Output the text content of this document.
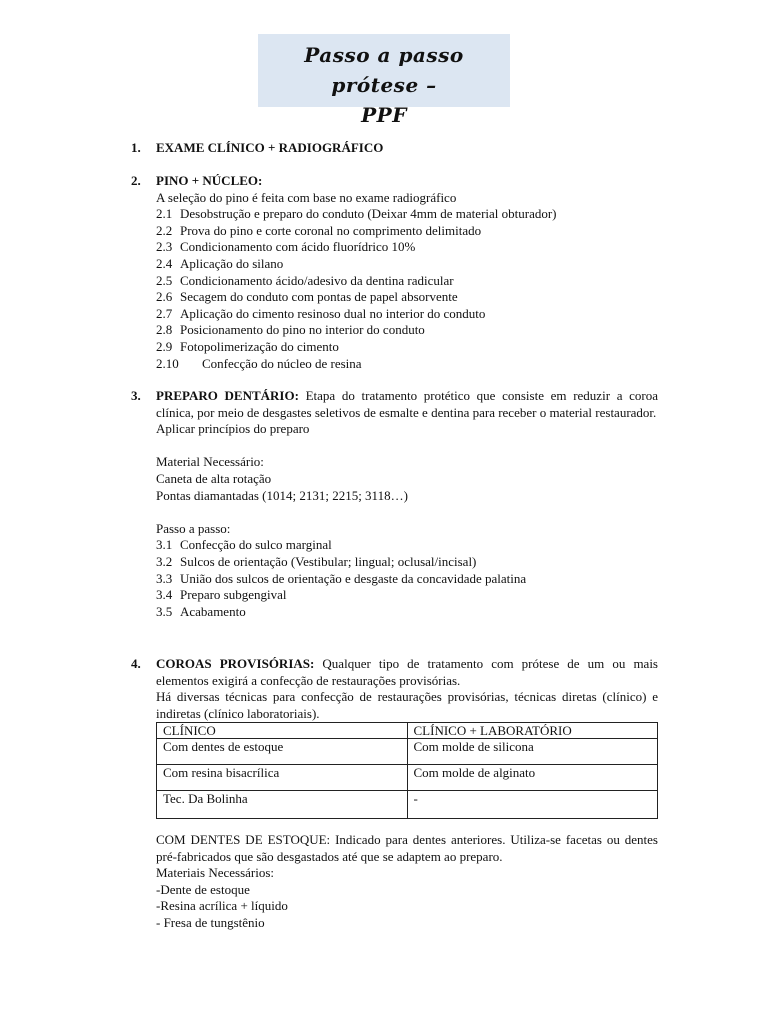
Passo a passo prótese –
PPF
1. EXAME CLÍNICO + RADIOGRÁFICO
2. PINO + NÚCLEO:
A seleção do pino é feita com base no exame radiográfico
2.1 Desobstrução e preparo do conduto (Deixar 4mm de material obturador)
2.2 Prova do pino e corte coronal no comprimento delimitado
2.3 Condicionamento com ácido fluorídrico 10%
2.4 Aplicação do silano
2.5 Condicionamento ácido/adesivo da dentina radicular
2.6 Secagem do conduto com pontas de papel absorvente
2.7 Aplicação do cimento resinoso dual no interior do conduto
2.8 Posicionamento do pino no interior do conduto
2.9 Fotopolimerização do cimento
2.10	Confecção do núcleo de resina
3. PREPARO DENTÁRIO: Etapa do tratamento protético que consiste em reduzir a coroa clínica, por meio de desgastes seletivos de esmalte e dentina para receber o material restaurador.
Aplicar princípios do preparo
Material Necessário:
Caneta de alta rotação
Pontas diamantadas (1014; 2131; 2215; 3118…)
Passo a passo:
3.1 Confecção do sulco marginal
3.2 Sulcos de orientação (Vestibular; lingual; oclusal/incisal)
3.3 União dos sulcos de orientação e desgaste da concavidade palatina
3.4 Preparo subgengival
3.5 Acabamento
4. COROAS PROVISÓRIAS: Qualquer tipo de tratamento com prótese de um ou mais elementos exigirá a confecção de restaurações provisórias.
Há diversas técnicas para confecção de restaurações provisórias, técnicas diretas (clínico) e indiretas (clínico laboratoriais).
CLÍNICO	CLÍNICO + LABORATÓRIO
Com dentes de estoque	Com molde de silicona
Com resina bisacrílica	Com molde de alginato
Tec. Da Bolinha	-
COM DENTES DE ESTOQUE: Indicado para dentes anteriores. Utiliza-se facetas ou dentes pré-fabricados que são desgastados até que se adaptem ao preparo.
Materiais Necessários:
-Dente de estoque
-Resina acrílica + líquido
- Fresa de tungstênio
